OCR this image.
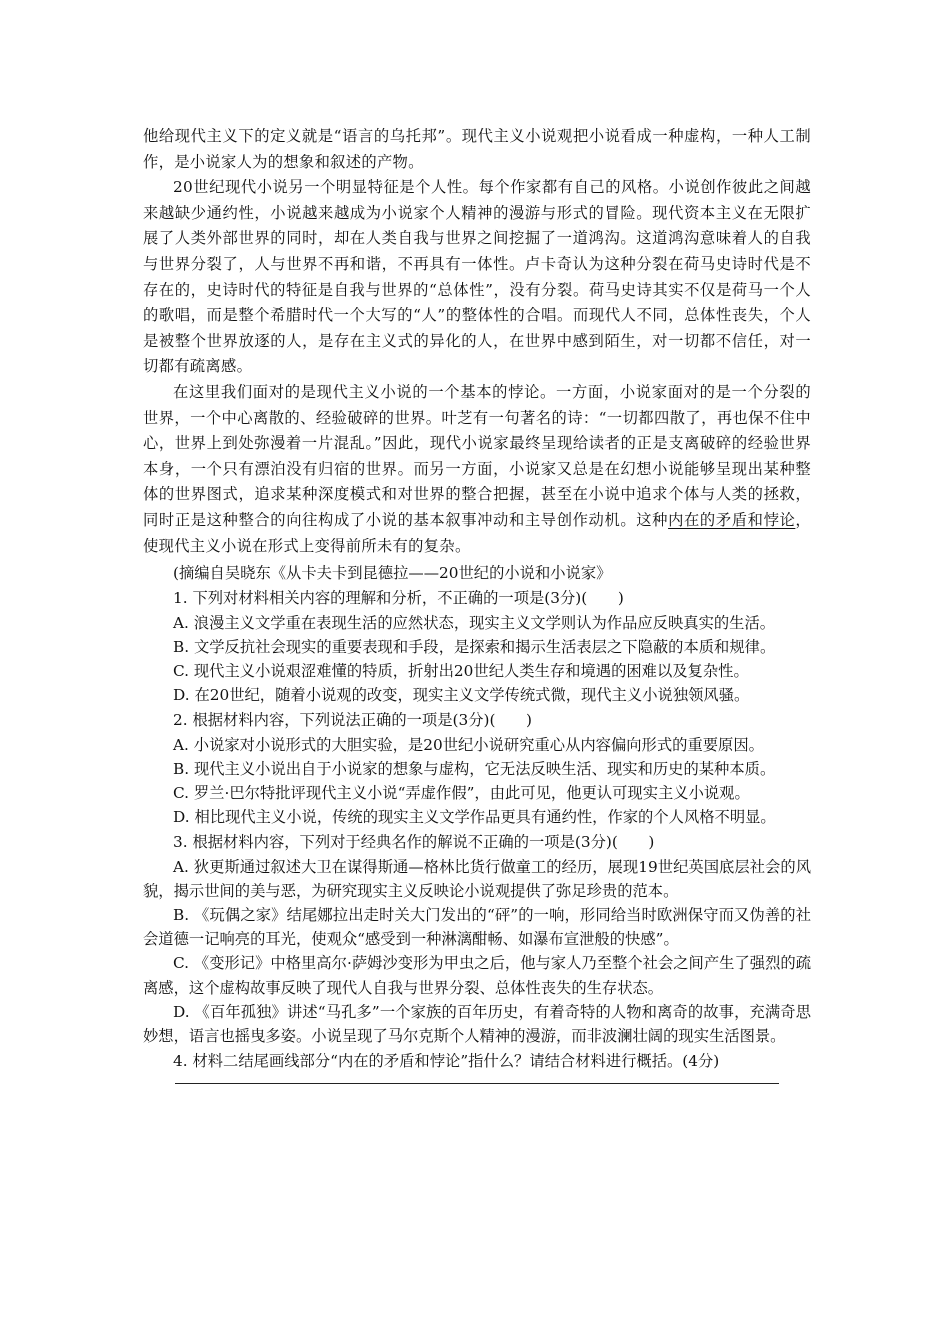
他给现代主义下的定义就是“语言的乌托邦”。现代主义小说观把小说看成一种虚构，一种人工制作，是小说家人为的想象和叙述的产物。

20世纪现代小说另一个明显特征是个人性。每个作家都有自己的风格。小说创作彼此之间越来越缺少通约性，小说越来越成为小说家个人精神的漫游与形式的冒险。现代资本主义在无限扩展了人类外部世界的同时，却在人类自我与世界之间挖掘了一道鸿沟。这道鸿沟意味着人的自我与世界分裂了，人与世界不再和谐，不再具有一体性。卢卡奇认为这种分裂在荷马史诗时代是不存在的，史诗时代的特征是自我与世界的“总体性”，没有分裂。荷马史诗其实不仅是荷马一个人的歌唱，而是整个希腊时代一个大写的“人”的整体性的合唱。而现代人不同，总体性丧失，个人是被整个世界放逐的人，是存在主义式的异化的人，在世界中感到陌生，对一切都不信任，对一切都有疏离感。

在这里我们面对的是现代主义小说的一个基本的悖论。一方面，小说家面对的是一个分裂的世界，一个中心离散的、经验破碎的世界。叶芝有一句著名的诗：“一切都四散了，再也保不住中心，世界上到处弥漫着一片混乱。”因此，现代小说家最终呈现给读者的正是支离破碎的经验世界本身，一个只有漂泊没有归宿的世界。而另一方面，小说家又总是在幻想小说能够呈现出某种整体的世界图式，追求某种深度模式和对世界的整合把握，甚至在小说中追求个体与人类的拯救，同时正是这种整合的向往构成了小说的基本叙事冲动和主导创作动机。这种内在的矛盾和悖论，使现代主义小说在形式上变得前所未有的复杂。

(摘编自吴晓东《从卡夫卡到昆德拉——20世纪的小说和小说家》

1. 下列对材料相关内容的理解和分析，不正确的一项是(3分)(　　)

A. 浪漫主义文学重在表现生活的应然状态，现实主义文学则认为作品应反映真实的生活。

B. 文学反抗社会现实的重要表现和手段，是探索和揭示生活表层之下隐蔽的本质和规律。

C. 现代主义小说艰涩难懂的特质，折射出20世纪人类生存和境遇的困难以及复杂性。

D. 在20世纪，随着小说观的改变，现实主义文学传统式微，现代主义小说独领风骚。

2. 根据材料内容，下列说法正确的一项是(3分)(　　)

A. 小说家对小说形式的大胆实验，是20世纪小说研究重心从内容偏向形式的重要原因。

B. 现代主义小说出自于小说家的想象与虚构，它无法反映生活、现实和历史的某种本质。

C. 罗兰·巴尔特批评现代主义小说“弄虚作假”，由此可见，他更认可现实主义小说观。

D. 相比现代主义小说，传统的现实主义文学作品更具有通约性，作家的个人风格不明显。

3. 根据材料内容，下列对于经典名作的解说不正确的一项是(3分)(　　)

A. 狄更斯通过叙述大卫在谋得斯通—格林比货行做童工的经历，展现19世纪英国底层社会的风貌，揭示世间的美与恶，为研究现实主义反映论小说观提供了弥足珍贵的范本。

B. 《玩偶之家》结尾娜拉出走时关大门发出的“砰”的一响，形同给当时欧洲保守而又伪善的社会道德一记响亮的耳光，使观众“感受到一种淋漓酣畅、如瀑布宣泄般的快感”。

C. 《变形记》中格里高尔·萨姆沙变形为甲虫之后，他与家人乃至整个社会之间产生了强烈的疏离感，这个虚构故事反映了现代人自我与世界分裂、总体性丧失的生存状态。

D. 《百年孤独》讲述“马孔多”一个家族的百年历史，有着奇特的人物和离奇的故事，充满奇思妙想，语言也摇曳多姿。小说呈现了马尔克斯个人精神的漫游，而非波澜壮阔的现实生活图景。

4. 材料二结尾画线部分“内在的矛盾和悖论”指什么？请结合材料进行概括。(4分)
